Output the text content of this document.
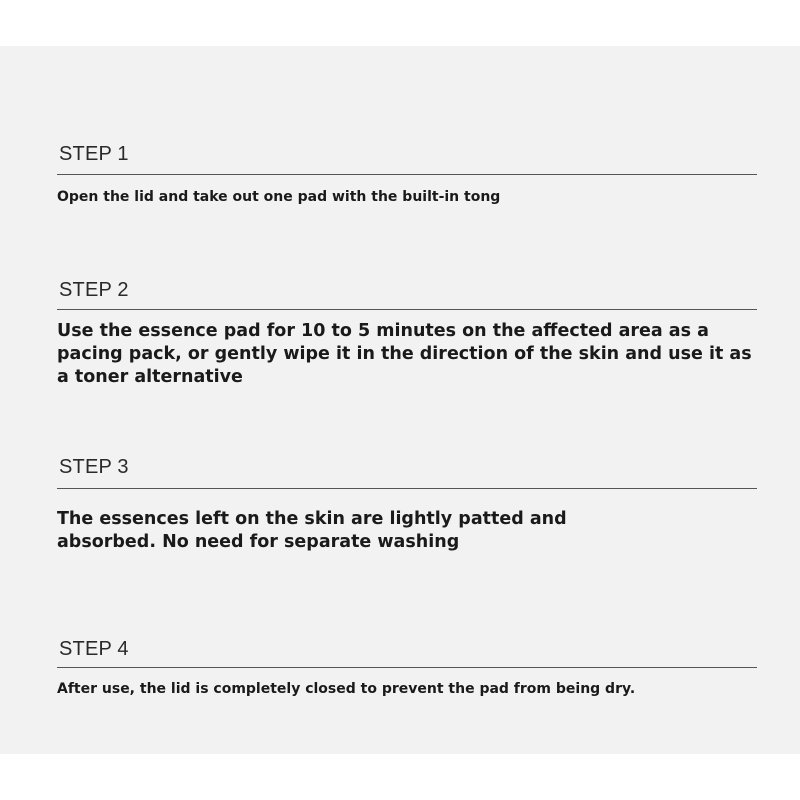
STEP 1

Open the lid and take out one pad with the built-in tong

STEP 2

Use the essence pad for 10 to 5 minutes on the affected area as a pacing pack, or gently wipe it in the direction of the skin and use it as a toner alternative

STEP 3

The essences left on the skin are lightly patted and absorbed. No need for separate washing

STEP 4

After use, the lid is completely closed to prevent the pad from being dry.
